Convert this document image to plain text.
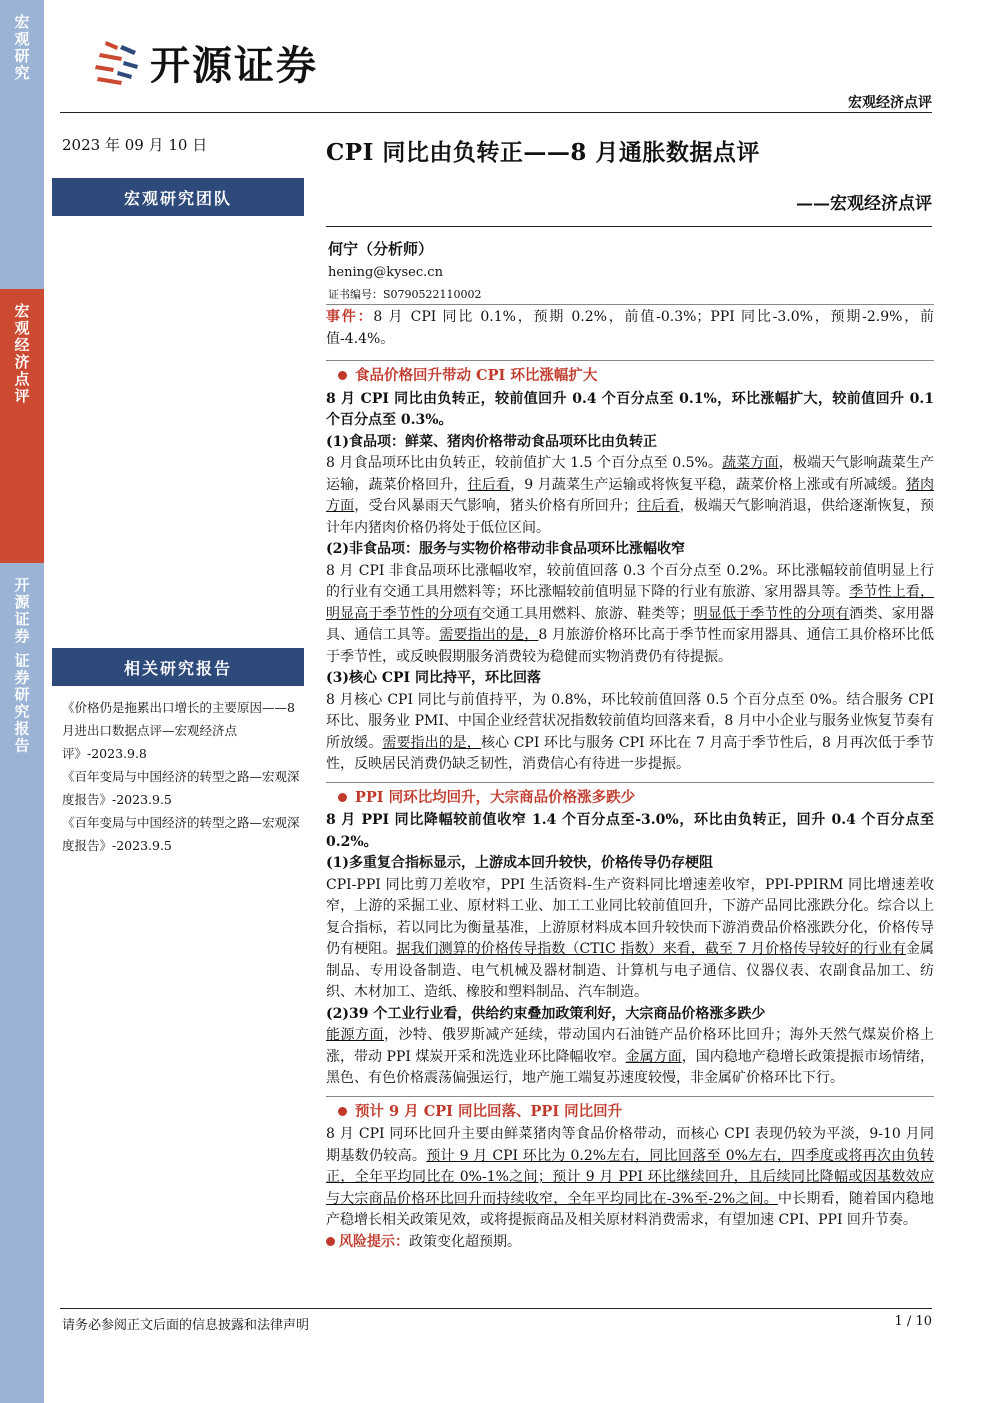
宏观研究
宏观经济点评
开源证券 证券研究报告
开源证券
宏观经济点评
2023 年 09 月 10 日	CPI 同比由负转正——8 月通胀数据点评
——宏观经济点评
宏观研究团队
何宁（分析师）
hening@kysec.cn
证书编号：S0790522110002
相关研究报告

《价格仍是拖累出口增长的主要原因——8 月进出口数据点评—宏观经济点评》-2023.9.8

《百年变局与中国经济的转型之路—宏观深度报告》-2023.9.5

《百年变局与中国经济的转型之路—宏观深度报告》-2023.9.5

事件：8 月 CPI 同比 0.1%，预期 0.2%，前值-0.3%；PPI 同比-3.0%，预期-2.9%，前值-4.4%。
食品价格回升带动 CPI 环比涨幅扩大
8 月 CPI 同比由负转正，较前值回升 0.4 个百分点至 0.1%，环比涨幅扩大，较前值回升 0.1 个百分点至 0.3%。
(1)食品项：鲜菜、猪肉价格带动食品项环比由负转正
8 月食品项环比由负转正，较前值扩大 1.5 个百分点至 0.5%。蔬菜方面，极端天气影响蔬菜生产运输，蔬菜价格回升，往后看，9 月蔬菜生产运输或将恢复平稳，蔬菜价格上涨或有所减缓。猪肉方面，受台风暴雨天气影响，猪头价格有所回升；往后看，极端天气影响消退，供给逐渐恢复，预计年内猪肉价格仍将处于低位区间。
(2)非食品项：服务与实物价格带动非食品项环比涨幅收窄
8 月 CPI 非食品项环比涨幅收窄，较前值回落 0.3 个百分点至 0.2%。环比涨幅较前值明显上行的行业有交通工具用燃料等；环比涨幅较前值明显下降的行业有旅游、家用器具等。季节性上看，明显高于季节性的分项有交通工具用燃料、旅游、鞋类等；明显低于季节性的分项有酒类、家用器具、通信工具等。需要指出的是，8 月旅游价格环比高于季节性而家用器具、通信工具价格环比低于季节性，或反映假期服务消费较为稳健而实物消费仍有待提振。
(3)核心 CPI 同比持平，环比回落
8 月核心 CPI 同比与前值持平，为 0.8%，环比较前值回落 0.5 个百分点至 0%。结合服务 CPI 环比、服务业 PMI、中国企业经营状况指数较前值均回落来看，8 月中小企业与服务业恢复节奏有所放缓。需要指出的是，核心 CPI 环比与服务 CPI 环比在 7 月高于季节性后，8 月再次低于季节性，反映居民消费仍缺乏韧性，消费信心有待进一步提振。
PPI 同环比均回升，大宗商品价格涨多跌少
8 月 PPI 同比降幅较前值收窄 1.4 个百分点至-3.0%，环比由负转正，回升 0.4 个百分点至 0.2%。
(1)多重复合指标显示，上游成本回升较快，价格传导仍存梗阻
CPI-PPI 同比剪刀差收窄，PPI 生活资料-生产资料同比增速差收窄，PPI-PPIRM 同比增速差收窄，上游的采掘工业、原材料工业、加工工业同比较前值回升，下游产品同比涨跌分化。综合以上复合指标，若以同比为衡量基准，上游原材料成本回升较快而下游消费品价格涨跌分化，价格传导仍有梗阻。据我们测算的价格传导指数（CTIC 指数）来看，截至 7 月价格传导较好的行业有金属制品、专用设备制造、电气机械及器材制造、计算机与电子通信、仪器仪表、农副食品加工、纺织、木材加工、造纸、橡胶和塑料制品、汽车制造。
(2)39 个工业行业看，供给约束叠加政策利好，大宗商品价格涨多跌少
能源方面，沙特、俄罗斯减产延续，带动国内石油链产品价格环比回升；海外天然气煤炭价格上涨，带动 PPI 煤炭开采和洗选业环比降幅收窄。金属方面，国内稳地产稳增长政策提振市场情绪，黑色、有色价格震荡偏强运行，地产施工端复苏速度较慢，非金属矿价格环比下行。
预计 9 月 CPI 同比回落、PPI 同比回升
8 月 CPI 同环比回升主要由鲜菜猪肉等食品价格带动，而核心 CPI 表现仍较为平淡，9-10 月同期基数仍较高。预计 9 月 CPI 环比为 0.2%左右，同比回落至 0%左右，四季度或将再次由负转正，全年平均同比在 0%-1%之间；预计 9 月 PPI 环比继续回升，且后续同比降幅或因基数效应与大宗商品价格环比回升而持续收窄，全年平均同比在-3%至-2%之间。中长期看，随着国内稳地产稳增长相关政策见效，或将提振商品及相关原材料消费需求，有望加速 CPI、PPI 回升节奏。
风险提示：政策变化超预期。
请务必参阅正文后面的信息披露和法律声明	1 / 10
